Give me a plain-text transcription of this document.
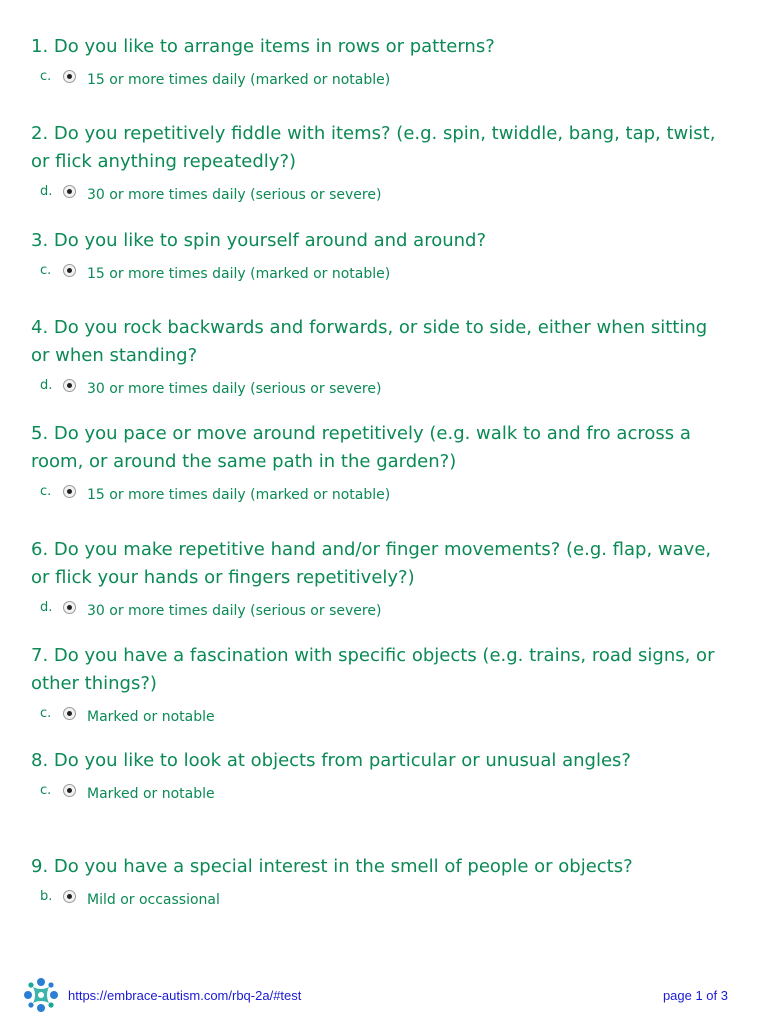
1. Do you like to arrange items in rows or patterns?

c.	15 or more times daily (marked or notable)

2. Do you repetitively fiddle with items? (e.g. spin, twiddle, bang, tap, twist, or flick anything repeatedly?)

d. 30 or more times daily (serious or severe)

3. Do you like to spin yourself around and around?

c.	15 or more times daily (marked or notable)

4. Do you rock backwards and forwards, or side to side, either when sitting or when standing?

d. 30 or more times daily (serious or severe)

5. Do you pace or move around repetitively (e.g. walk to and fro across a room, or around the same path in the garden?)

c.	15 or more times daily (marked or notable)

6. Do you make repetitive hand and/or finger movements? (e.g. flap, wave, or flick your hands or fingers repetitively?)

d. 30 or more times daily (serious or severe)

7. Do you have a fascination with specific objects (e.g. trains, road signs, or other things?)

c.	Marked or notable

8. Do you like to look at objects from particular or unusual angles?

c.	Marked or notable

9. Do you have a special interest in the smell of people or objects?

b. Mild or occassional
https://embrace-autism.com/rbq-2a/#test	page 1 of 3
